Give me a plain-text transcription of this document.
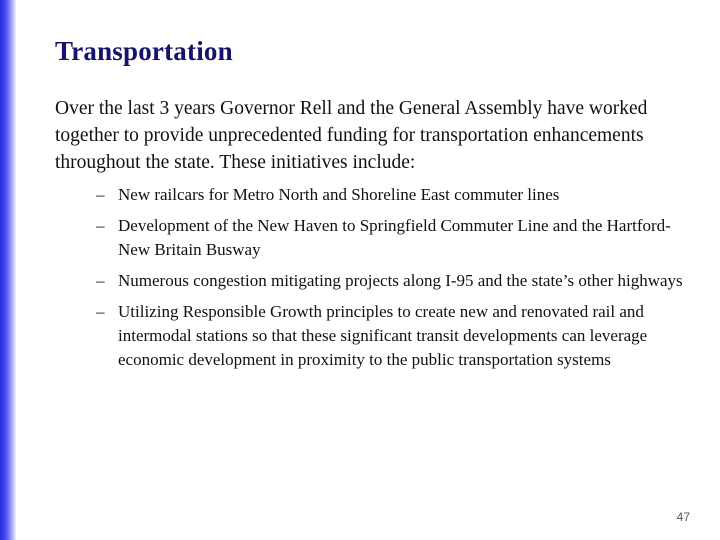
Transportation

Over the last 3 years Governor Rell and the General Assembly have worked together to provide unprecedented funding for transportation enhancements throughout the state. These initiatives include:

– New railcars for Metro North and Shoreline East commuter lines
– Development of the New Haven to Springfield Commuter Line and the Hartford-New Britain Busway
– Numerous congestion mitigating projects along I-95 and the state’s other highways
– Utilizing Responsible Growth principles to create new and renovated rail and intermodal stations so that these significant transit developments can leverage economic development in proximity to the public transportation systems
47
